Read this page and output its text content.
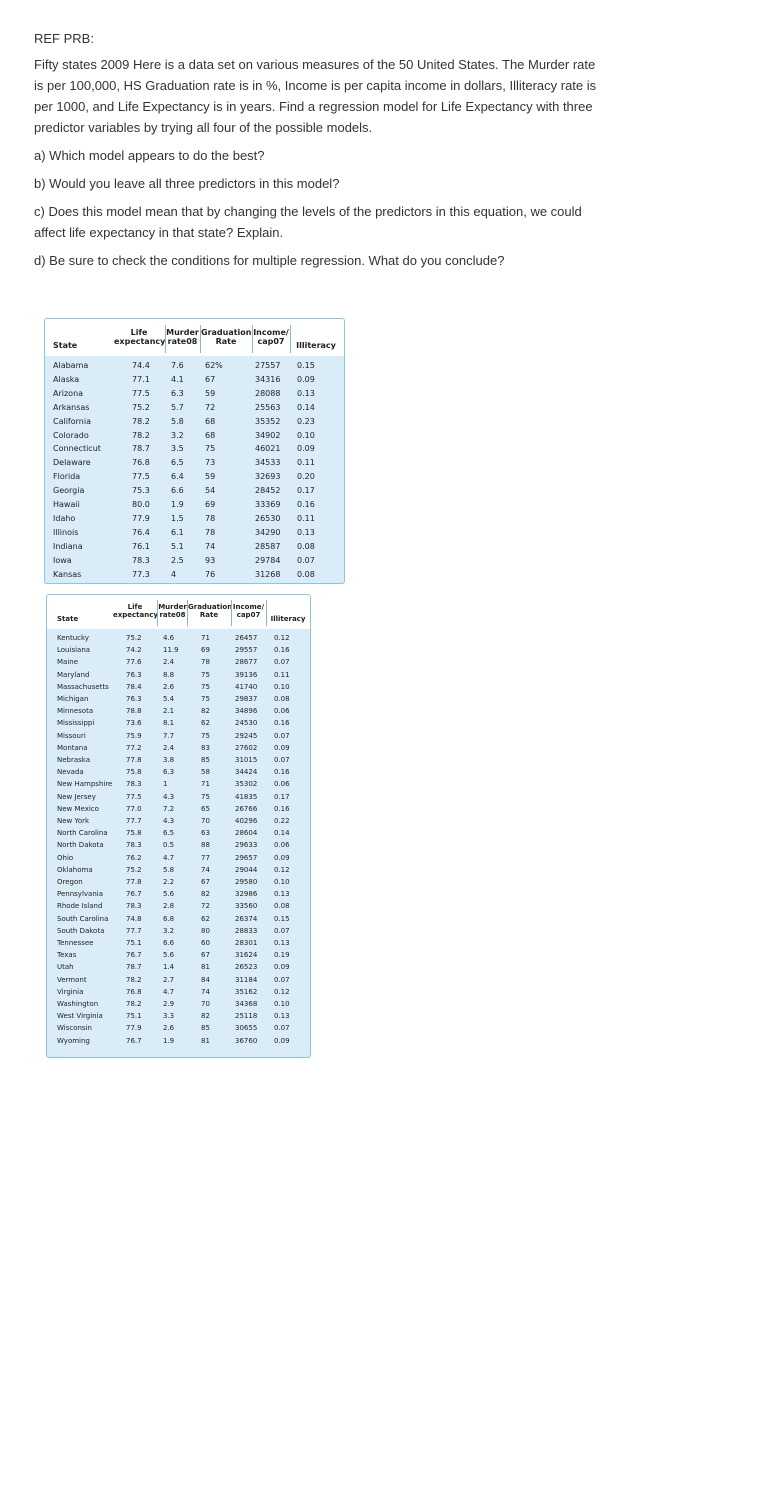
REF PRB:

Fifty states 2009 Here is a data set on various measures of the 50 United States. The Murder rate is per 100,000, HS Graduation rate is in %, Income is per capita income in dollars, Illiteracy rate is per 1000, and Life Expectancy is in years. Find a regression model for Life Expectancy with three predictor variables by trying all four of the possible models.

a) Which model appears to do the best?

b) Would you leave all three predictors in this model?

c) Does this model mean that by changing the levels of the predictors in this equation, we could affect life expectancy in that state? Explain.

d) Be sure to check the conditions for multiple regression. What do you conclude?

State
Life
expectancy
Murder
rate08
Graduation
Rate
Income/
cap07	Illiteracy
Alabama	74.4	7.6	62%	27557 0.15
Alaska	77.1	4.1	67	34316 0.09
Arizona	77.5	6.3	59	28088 0.13
Arkansas	75.2	5.7	72	25563 0.14
California	78.2	5.8	68	35352 0.23
Colorado	78.2	3.2	68	34902 0.10
Connecticut	78.7	3.5	75	46021 0.09
Delaware	76.8	6.5	73	34533 0.11
Florida	77.5	6.4	59	32693 0.20
Georgia	75.3	6.6	54	28452 0.17
Hawaii	80.0	1.9	69	33369 0.16
Idaho	77.9	1.5	78	26530 0.11
Illinois	76.4	6.1	78	34290 0.13
Indiana	76.1	5.1	74	28587 0.08
Iowa	78.3	2.5	93	29784 0.07
Kansas	77.3	4	76	31268 0.08
State
Life
expectancy
Murder
rate08
Graduation
Rate
Income/
cap07	Illiteracy
Kentucky	75.2	4.6	71	26457 0.12
Louisiana	74.2	11.9	69	29557 0.16
Maine	77.6	2.4	78	28677 0.07
Maryland	76.3	8.8	75	39136 0.11
Massachusetts 78.4	2.6	75	41740 0.10
Michigan	76.3	5.4	75	29837 0.08
Minnesota	78.8	2.1	82	34896 0.06
Mississippi	73.6	8.1	62	24530 0.16
Missouri	75.9	7.7	75	29245 0.07
Montana	77.2	2.4	83	27602 0.09
Nebraska	77.8	3.8	85	31015 0.07
Nevada	75.8	6.3	58	34424 0.16
New Hampshire 78.3	1	71	35302 0.06
New Jersey	77.5	4.3	75	41835 0.17
New Mexico	77.0	7.2	65	26766 0.16
New York	77.7	4.3	70	40296 0.22
North Carolina	75.8	6.5	63	28604 0.14
North Dakota	78.3	0.5	88	29633 0.06
Ohio	76.2	4.7	77	29657 0.09
Oklahoma	75.2	5.8	74	29044 0.12
Oregon	77.8	2.2	67	29580 0.10
Pennsylvania	76.7	5.6	82	32986 0.13
Rhode Island	78.3	2.8	72	33560 0.08
South Carolina	74.8	6.8	62	26374 0.15
South Dakota	77.7	3.2	80	28833 0.07
Tennessee	75.1	6.6	60	28301 0.13
Texas	76.7	5.6	67	31624 0.19
Utah	78.7	1.4	81	26523 0.09
Vermont	78.2	2.7	84	31184 0.07
Virginia	76.8	4.7	74	35162 0.12
Washington	78.2	2.9	70	34368 0.10
West Virginia	75.1	3.3	82	25118 0.13
Wisconsin	77.9	2.6	85	30655 0.07
Wyoming	76.7	1.9	81	36760 0.09
